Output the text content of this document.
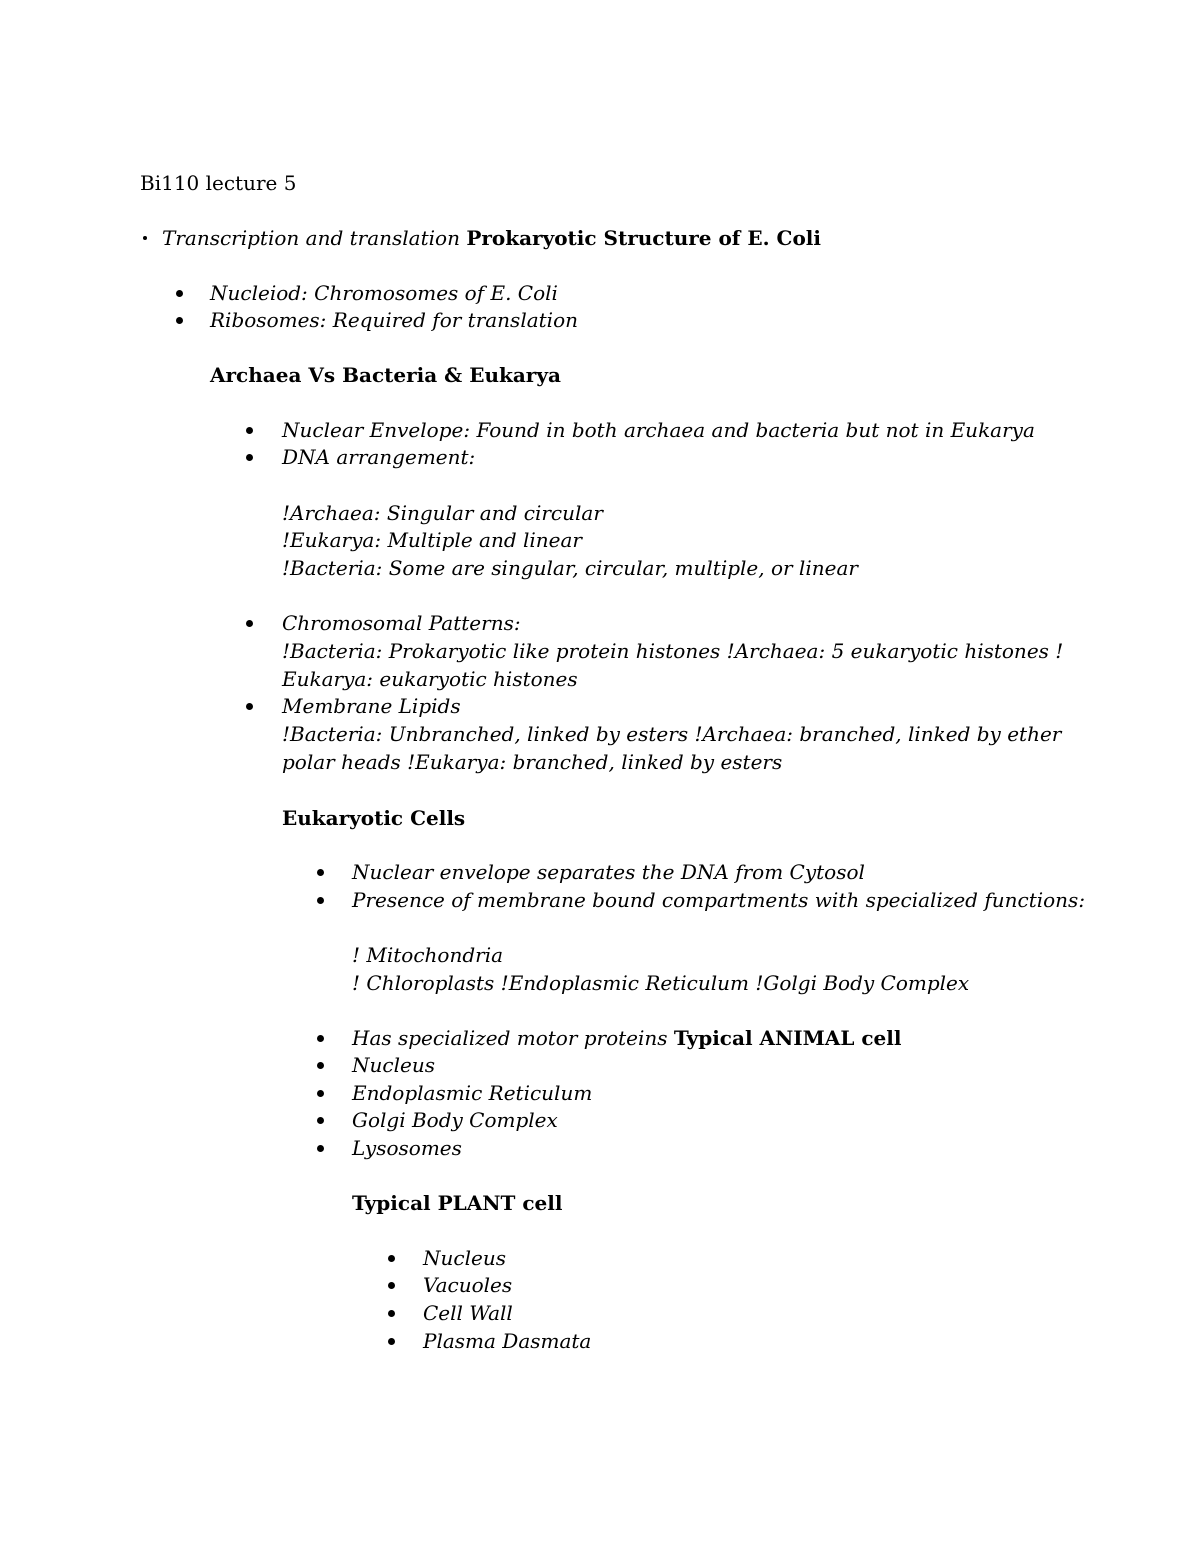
Bi110 lecture 5
Transcription and translation Prokaryotic Structure of E. Coli
Nucleiod: Chromosomes of E. Coli
Ribosomes: Required for translation
Archaea Vs Bacteria & Eukarya
Nuclear Envelope: Found in both archaea and bacteria but not in Eukarya
DNA arrangement:
!Archaea: Singular and circular
!Eukarya: Multiple and linear
!Bacteria: Some are singular, circular, multiple, or linear
Chromosomal Patterns:
!Bacteria: Prokaryotic like protein histones !Archaea: 5 eukaryotic histones !
Eukarya: eukaryotic histones
Membrane Lipids
!Bacteria: Unbranched, linked by esters !Archaea: branched, linked by ether
polar heads !Eukarya: branched, linked by esters
Eukaryotic Cells
Nuclear envelope separates the DNA from Cytosol
Presence of membrane bound compartments with specialized functions:
! Mitochondria
! Chloroplasts !Endoplasmic Reticulum !Golgi Body Complex
Has specialized motor proteins Typical ANIMAL cell
Nucleus
Endoplasmic Reticulum
Golgi Body Complex
Lysosomes
Typical PLANT cell
Nucleus
Vacuoles
Cell Wall
Plasma Dasmata
